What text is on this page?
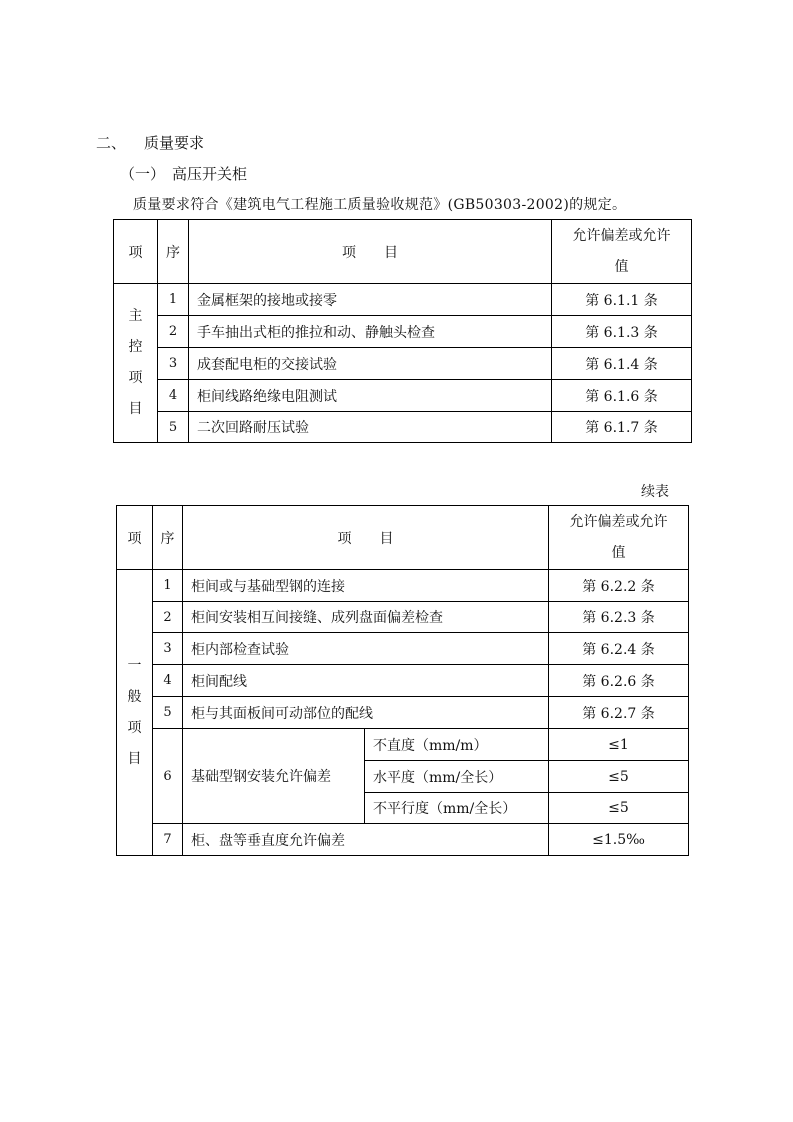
二、 质量要求
（一） 高压开关柜
质量要求符合《建筑电气工程施工质量验收规范》(GB50303-2002)的规定。
项	序	项　　目	允许偏差或允许
值

主
控
项
目	1	金属框架的接地或接零	第 6.1.1 条
	2	手车抽出式柜的推拉和动、静触头检查	第 6.1.3 条
	3	成套配电柜的交接试验	第 6.1.4 条
	4	柜间线路绝缘电阻测试	第 6.1.6 条
	5	二次回路耐压试验	第 6.1.7 条
续表
项	序	项　　目		允许偏差或允许
值

一
般
项
目	1	柜间或与基础型钢的连接		第 6.2.2 条
	2	柜间安装相互间接缝、成列盘面偏差检查		第 6.2.3 条
	3	柜内部检查试验		第 6.2.4 条
	4	柜间配线		第 6.2.6 条
	5	柜与其面板间可动部位的配线		第 6.2.7 条
	6	基础型钢安装允许偏差	不直度（mm/m）	≤1
			水平度（mm/全长）	≤5
			不平行度（mm/全长）	≤5
	7	柜、盘等垂直度允许偏差		≤1.5‰
